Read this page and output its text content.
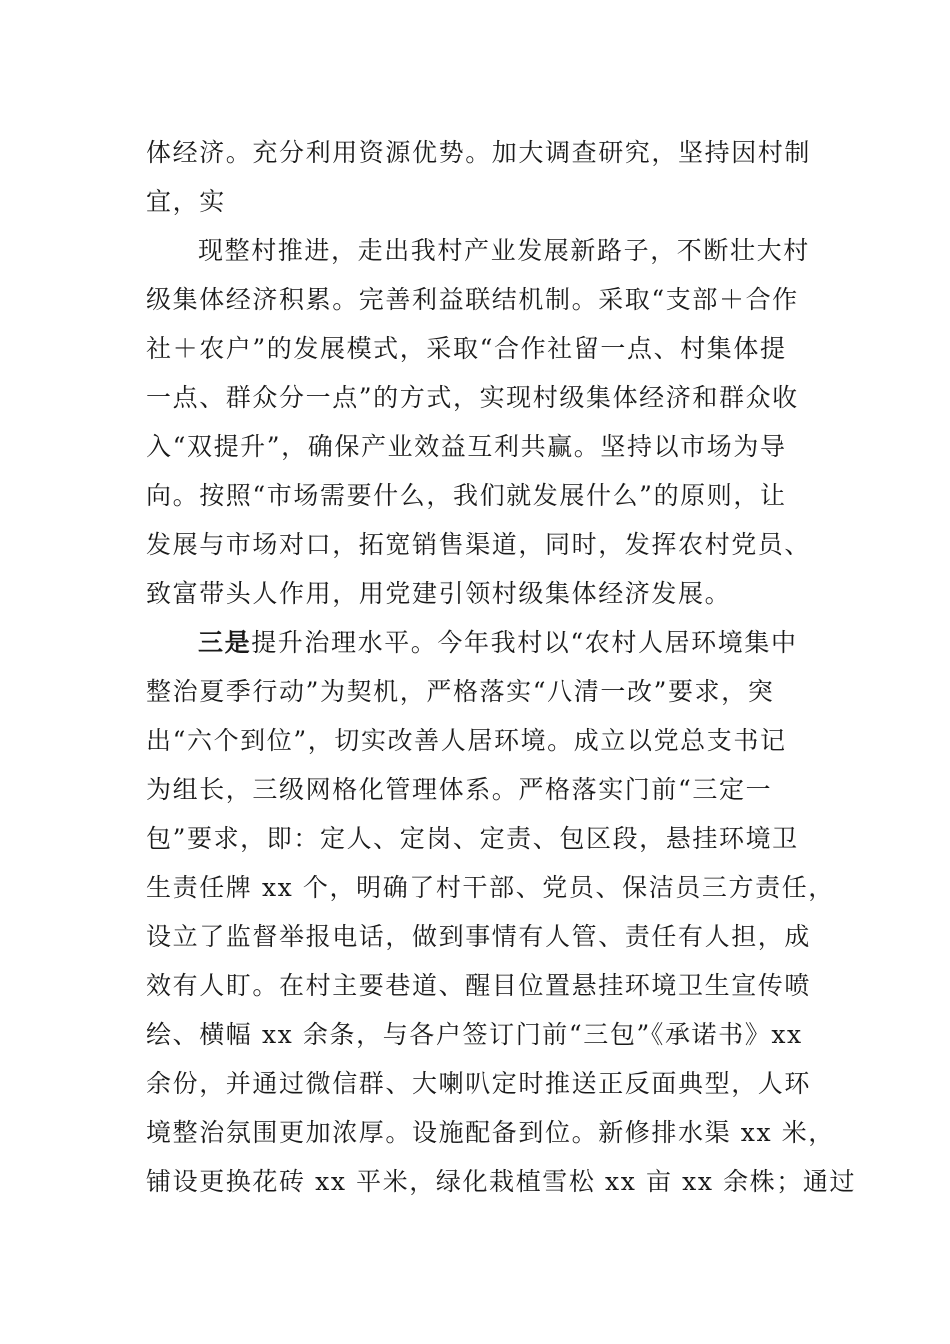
体经济。充分利用资源优势。加大调查研究，坚持因村制
宜，实
现整村推进，走出我村产业发展新路子，不断壮大村
级集体经济积累。完善利益联结机制。采取“支部＋合作
社＋农户”的发展模式，采取“合作社留一点、村集体提
一点、群众分一点”的方式，实现村级集体经济和群众收
入“双提升”，确保产业效益互利共赢。坚持以市场为导
向。按照“市场需要什么，我们就发展什么”的原则，让
发展与市场对口，拓宽销售渠道，同时，发挥农村党员、
致富带头人作用，用党建引领村级集体经济发展。
三是提升治理水平。今年我村以“农村人居环境集中
整治夏季行动”为契机，严格落实“八清一改”要求，突
出“六个到位”，切实改善人居环境。成立以党总支书记
为组长，三级网格化管理体系。严格落实门前“三定一
包”要求，即：定人、定岗、定责、包区段，悬挂环境卫
生责任牌 xx 个，明确了村干部、党员、保洁员三方责任，
设立了监督举报电话，做到事情有人管、责任有人担，成
效有人盯。在村主要巷道、醒目位置悬挂环境卫生宣传喷
绘、横幅 xx 余条，与各户签订门前“三包”《承诺书》xx
余份，并通过微信群、大喇叭定时推送正反面典型，人环
境整治氛围更加浓厚。设施配备到位。新修排水渠 xx 米，
铺设更换花砖 xx 平米，绿化栽植雪松 xx 亩 xx 余株；通过
